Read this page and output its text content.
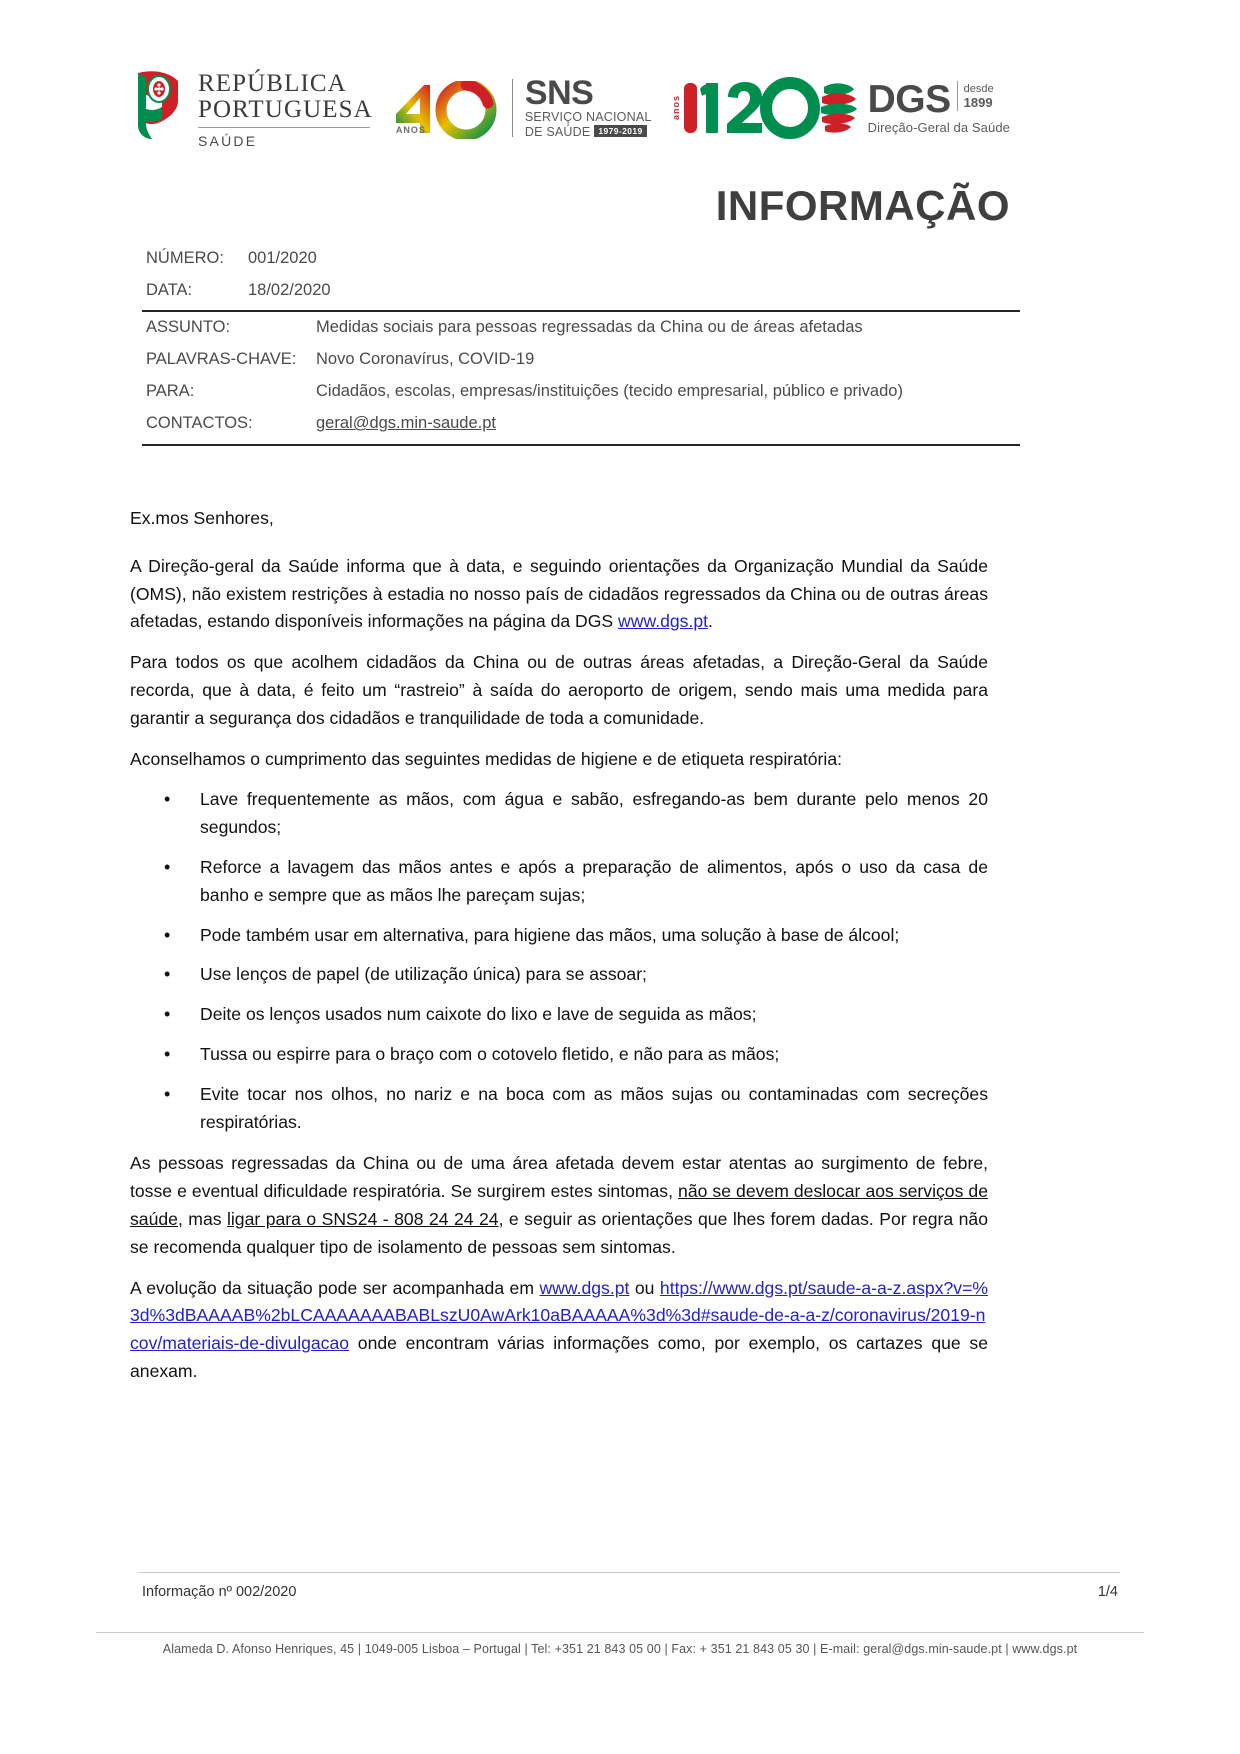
REPÚBLICA
PORTUGUESA
SAÚDE
ANOS
SNS
SERVIÇO NACIONAL
DE SAÚDE 1979-2019
anos	DGS desde
1899
Direção-Geral da Saúde
INFORMAÇÃO
NÚMERO:	001/2020
DATA:	18/02/2020
ASSUNTO:	Medidas sociais para pessoas regressadas da China ou de áreas afetadas
PALAVRAS-CHAVE:	Novo Coronavírus, COVID-19
PARA:	Cidadãos, escolas, empresas/instituições (tecido empresarial, público e privado)
CONTACTOS:	geral@dgs.min-saude.pt

Ex.mos Senhores,

A Direção-geral da Saúde informa que à data, e seguindo orientações da Organização Mundial da Saúde (OMS), não existem restrições à estadia no nosso país de cidadãos regressados da China ou de outras áreas afetadas, estando disponíveis informações na página da DGS www.dgs.pt.

Para todos os que acolhem cidadãos da China ou de outras áreas afetadas, a Direção-Geral da Saúde recorda, que à data, é feito um “rastreio” à saída do aeroporto de origem, sendo mais uma medida para garantir a segurança dos cidadãos e tranquilidade de toda a comunidade.

Aconselhamos o cumprimento das seguintes medidas de higiene e de etiqueta respiratória:

• Lave frequentemente as mãos, com água e sabão, esfregando-as bem durante pelo menos 20 segundos;
• Reforce a lavagem das mãos antes e após a preparação de alimentos, após o uso da casa de banho e sempre que as mãos lhe pareçam sujas;
• Pode também usar em alternativa, para higiene das mãos, uma solução à base de álcool;
• Use lenços de papel (de utilização única) para se assoar;
• Deite os lenços usados num caixote do lixo e lave de seguida as mãos;
• Tussa ou espirre para o braço com o cotovelo fletido, e não para as mãos;
• Evite tocar nos olhos, no nariz e na boca com as mãos sujas ou contaminadas com secreções respiratórias.

As pessoas regressadas da China ou de uma área afetada devem estar atentas ao surgimento de febre, tosse e eventual dificuldade respiratória. Se surgirem estes sintomas, não se devem deslocar aos serviços de saúde, mas ligar para o SNS24 - 808 24 24 24, e seguir as orientações que lhes forem dadas. Por regra não se recomenda qualquer tipo de isolamento de pessoas sem sintomas.

A evolução da situação pode ser acompanhada em www.dgs.pt ou https://www.dgs.pt/saude-a-a-z.aspx?v=%3d%3dBAAAAB%2bLCAAAAAAABABLszU0AwArk10aBAAAAA%3d%3d#saude-de-a-a-z/coronavirus/2019-ncov/materiais-de-divulgacao onde encontram várias informações como, por exemplo, os cartazes que se anexam.

Informação nº 002/2020	1/4
Alameda D. Afonso Henriques, 45 | 1049-005 Lisboa – Portugal | Tel: +351 21 843 05 00 | Fax: + 351 21 843 05 30 | E-mail: geral@dgs.min-saude.pt | www.dgs.pt
